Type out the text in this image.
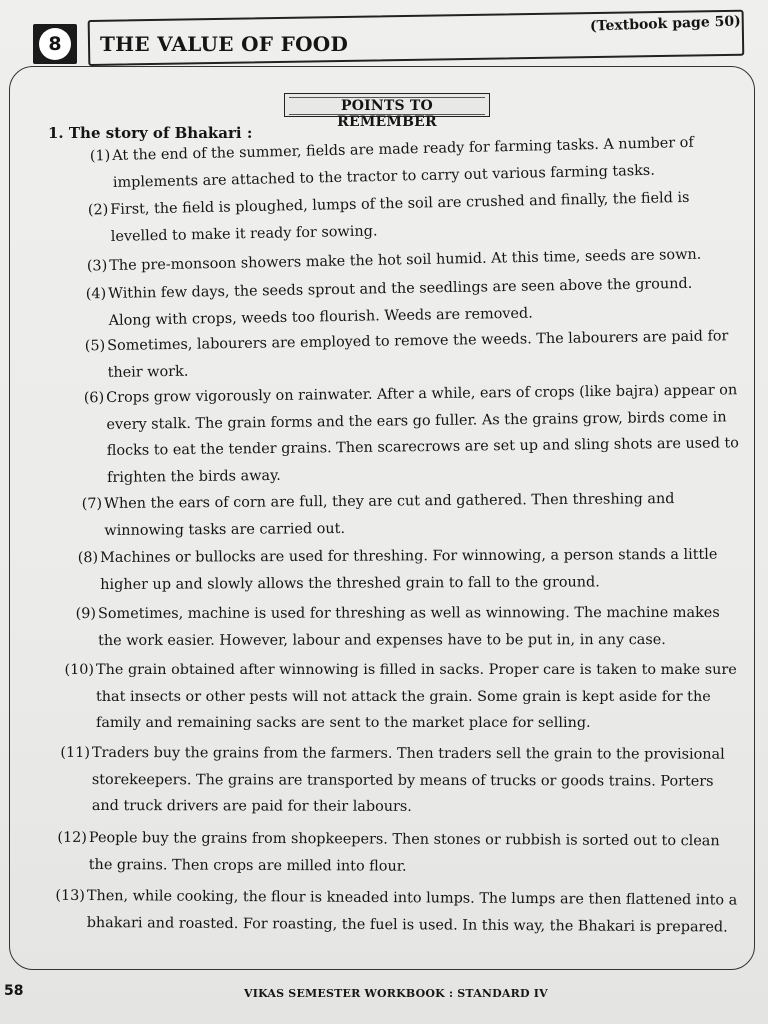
8	THE VALUE OF FOOD
(Textbook page 50)
POINTS TO REMEMBER
1. The story of Bhakari :
(1) At the end of the summer, fields are made ready for farming tasks. A number of implements are attached to the tractor to carry out various farming tasks.
(2) First, the field is ploughed, lumps of the soil are crushed and finally, the field is levelled to make it ready for sowing.
(3) The pre-monsoon showers make the hot soil humid. At this time, seeds are sown.
(4) Within few days, the seeds sprout and the seedlings are seen above the ground. Along with crops, weeds too flourish. Weeds are removed.
(5) Sometimes, labourers are employed to remove the weeds. The labourers are paid for their work.
(6) Crops grow vigorously on rainwater. After a while, ears of crops (like bajra) appear on every stalk. The grain forms and the ears go fuller. As the grains grow, birds come in flocks to eat the tender grains. Then scarecrows are set up and sling shots are used to frighten the birds away.
(7) When the ears of corn are full, they are cut and gathered. Then threshing and winnowing tasks are carried out.
(8) Machines or bullocks are used for threshing. For winnowing, a person stands a little higher up and slowly allows the threshed grain to fall to the ground.
(9) Sometimes, machine is used for threshing as well as winnowing. The machine makes the work easier. However, labour and expenses have to be put in, in any case.
(10) The grain obtained after winnowing is filled in sacks. Proper care is taken to make sure that insects or other pests will not attack the grain. Some grain is kept aside for the family and remaining sacks are sent to the market place for selling.
(11) Traders buy the grains from the farmers. Then traders sell the grain to the provisional storekeepers. The grains are transported by means of trucks or goods trains. Porters and truck drivers are paid for their labours.
(12) People buy the grains from shopkeepers. Then stones or rubbish is sorted out to clean the grains. Then crops are milled into flour.
(13) Then, while cooking, the flour is kneaded into lumps. The lumps are then flattened into a bhakari and roasted. For roasting, the fuel is used. In this way, the Bhakari is prepared.
58	VIKAS SEMESTER WORKBOOK : STANDARD IV
